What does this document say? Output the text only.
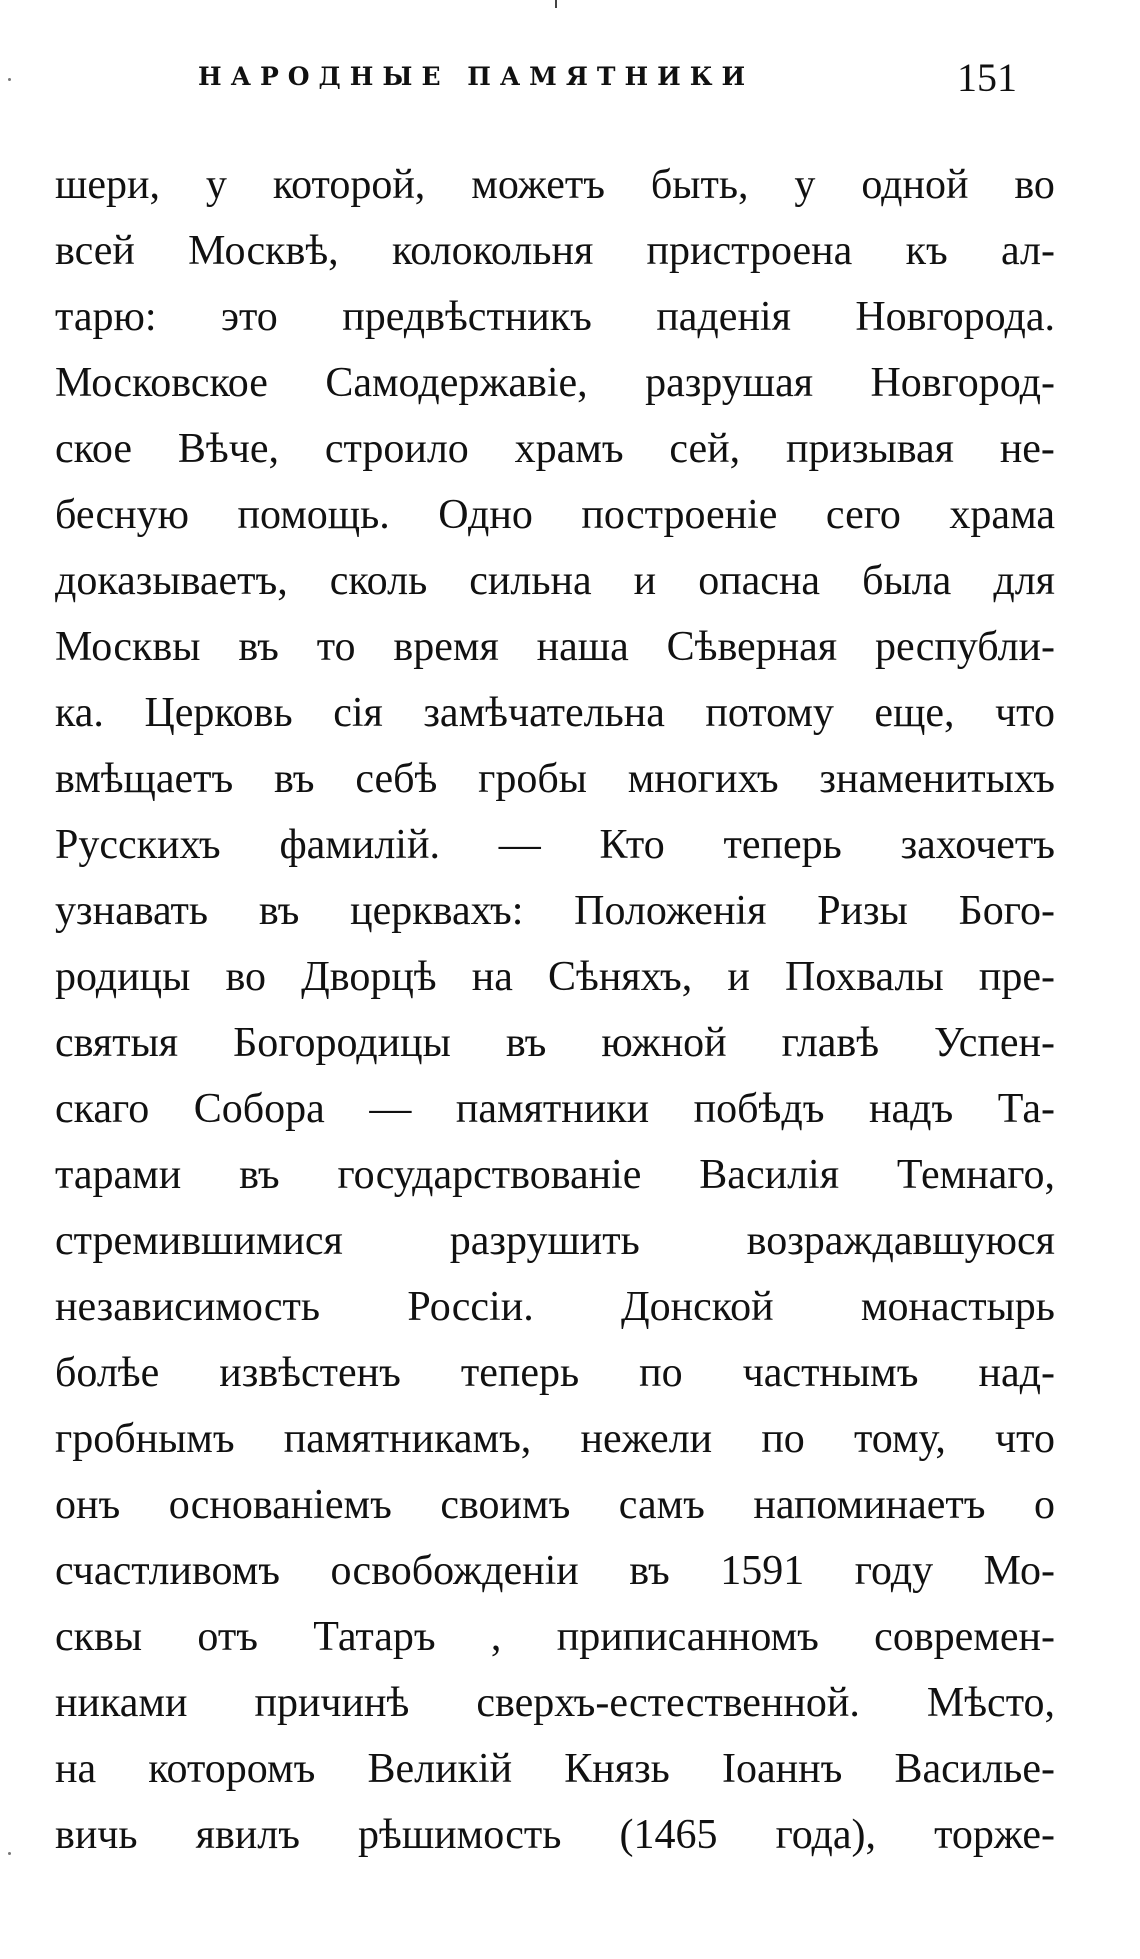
НАРОДНЫЕ ПАМЯТНИКИ	151
шери, у которой, можетъ быть, у одной во
всей Москвѣ, колокольня пристроена къ ал-
тарю: это предвѣстникъ паденія Новгорода.
Московское Самодержавіе, разрушая Новгород-
ское Вѣче, строило храмъ сей, призывая не-
бесную помощь. Одно построеніе сего храма
доказываетъ, сколь сильна и опасна была для
Москвы въ то время наша Сѣверная республи-
ка. Церковь сія замѣчательна потому еще, что
вмѣщаетъ въ себѣ гробы многихъ знаменитыхъ
Русскихъ фамилій. — Кто теперь захочетъ
узнавать въ церквахъ: Положенія Ризы Бого-
родицы во Дворцѣ на Сѣняхъ, и Похвалы пре-
святыя Богородицы въ южной главѣ Успен-
скаго Собора — памятники побѣдъ надъ Та-
тарами въ государствованіе Василія Темнаго,
стремившимися	разрушить	возраждавшуюся
независимость Россіи. Донской монастырь
болѣе извѣстенъ теперь по частнымъ над-
гробнымъ памятникамъ, нежели по тому, что
онъ основаніемъ своимъ самъ напоминаетъ о
счастливомъ освобожденіи въ 1591 году Мо-
сквы отъ Татаръ , приписанномъ современ-
никами причинѣ сверхъ-естественной. Мѣсто,
на которомъ Великій Князь Іоаннъ Василье-
вичь явилъ рѣшимость (1465 года), торже-
